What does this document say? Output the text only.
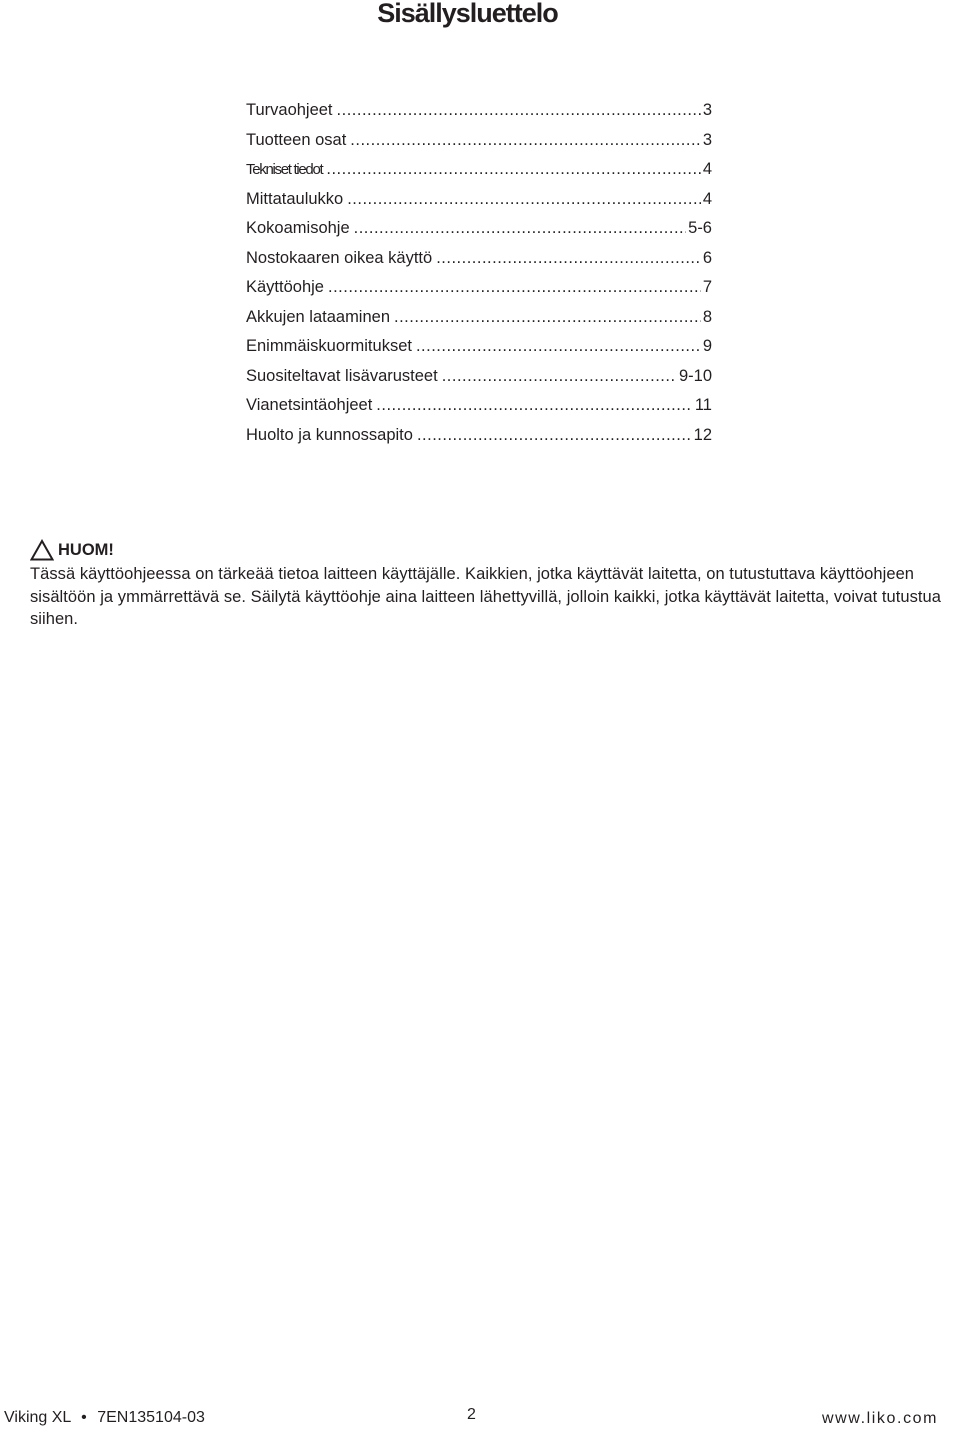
Sisällysluettelo
Turvaohjeet .....	3
Tuotteen osat .....	3
Tekniset tiedot .....	4
Mittataulukko .....	4
Kokoamisohje .....	5-6
Nostokaaren oikea käyttö .....	6
Käyttöohje .....	7
Akkujen lataaminen .....	8
Enimmäiskuormitukset .....	9
Suositeltavat lisävarusteet .....	9-10
Vianetsintäohjeet .....	11
Huolto ja kunnossapito .....	12
HUOM!

Tässä käyttöohjeessa on tärkeää tietoa laitteen käyttäjälle. Kaikkien, jotka käyttävät laitetta, on tutustuttava käyttöohjeen sisältöön ja ymmärrettävä se. Säilytä käyttöohje aina laitteen lähettyvillä, jolloin kaikki, jotka käyttävät laitetta, voivat tutustua siihen.

Viking XL • 7EN135104-03	2	www.liko.com
